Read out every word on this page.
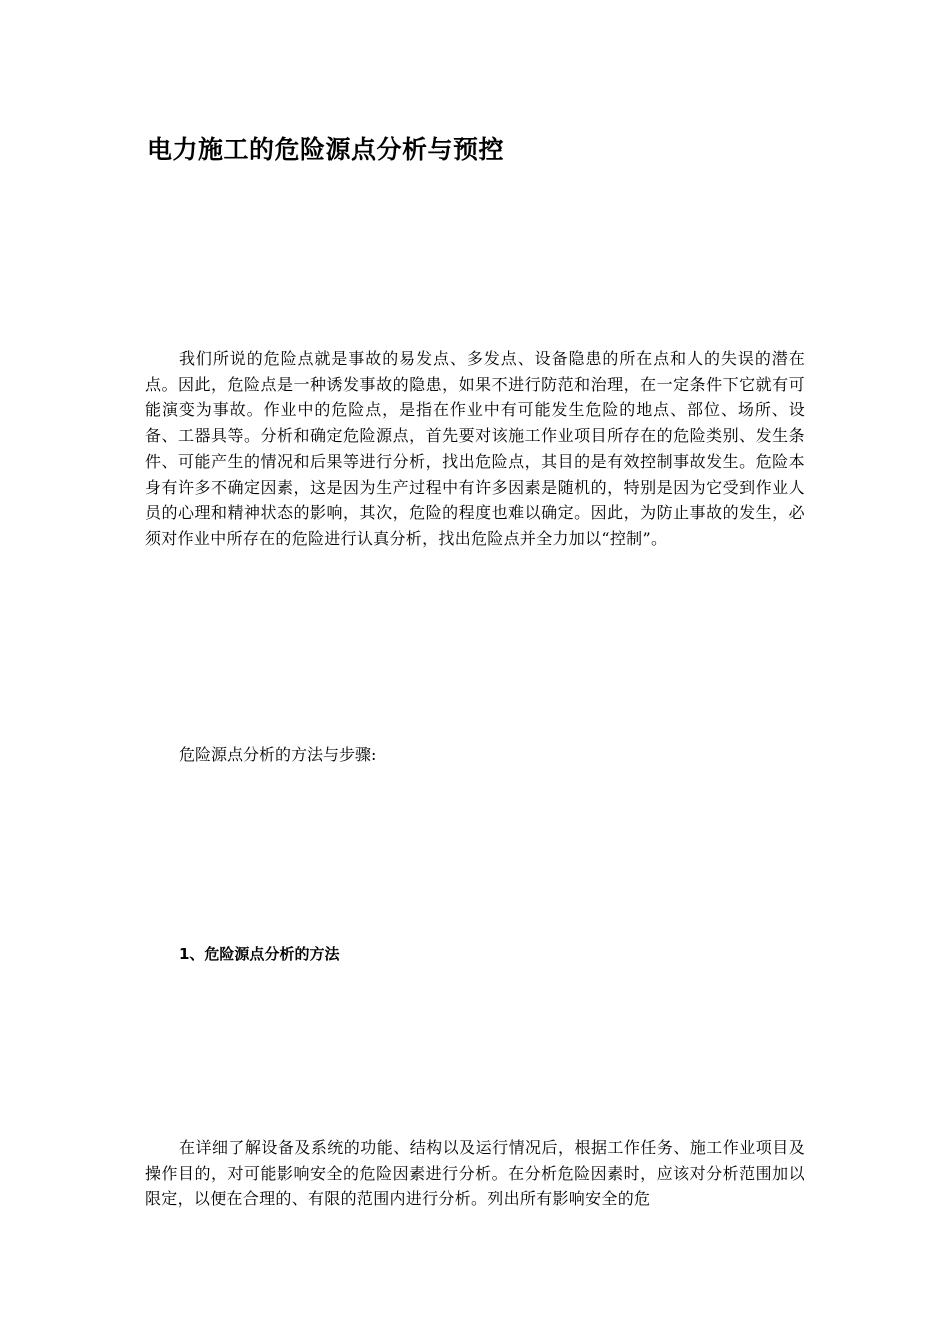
电力施工的危险源点分析与预控

我们所说的危险点就是事故的易发点、多发点、设备隐患的所在点和人的失误的潜在点。因此，危险点是一种诱发事故的隐患，如果不进行防范和治理，在一定条件下它就有可能演变为事故。作业中的危险点，是指在作业中有可能发生危险的地点、部位、场所、设备、工器具等。分析和确定危险源点，首先要对该施工作业项目所存在的危险类别、发生条件、可能产生的情况和后果等进行分析，找出危险点，其目的是有效控制事故发生。危险本身有许多不确定因素，这是因为生产过程中有许多因素是随机的，特别是因为它受到作业人员的心理和精神状态的影响，其次，危险的程度也难以确定。因此，为防止事故的发生，必须对作业中所存在的危险进行认真分析，找出危险点并全力加以“控制”。

危险源点分析的方法与步骤:
1、危险源点分析的方法

在详细了解设备及系统的功能、结构以及运行情况后，根据工作任务、施工作业项目及操作目的，对可能影响安全的危险因素进行分析。在分析危险因素时，应该对分析范围加以限定，以便在合理的、有限的范围内进行分析。列出所有影响安全的危
